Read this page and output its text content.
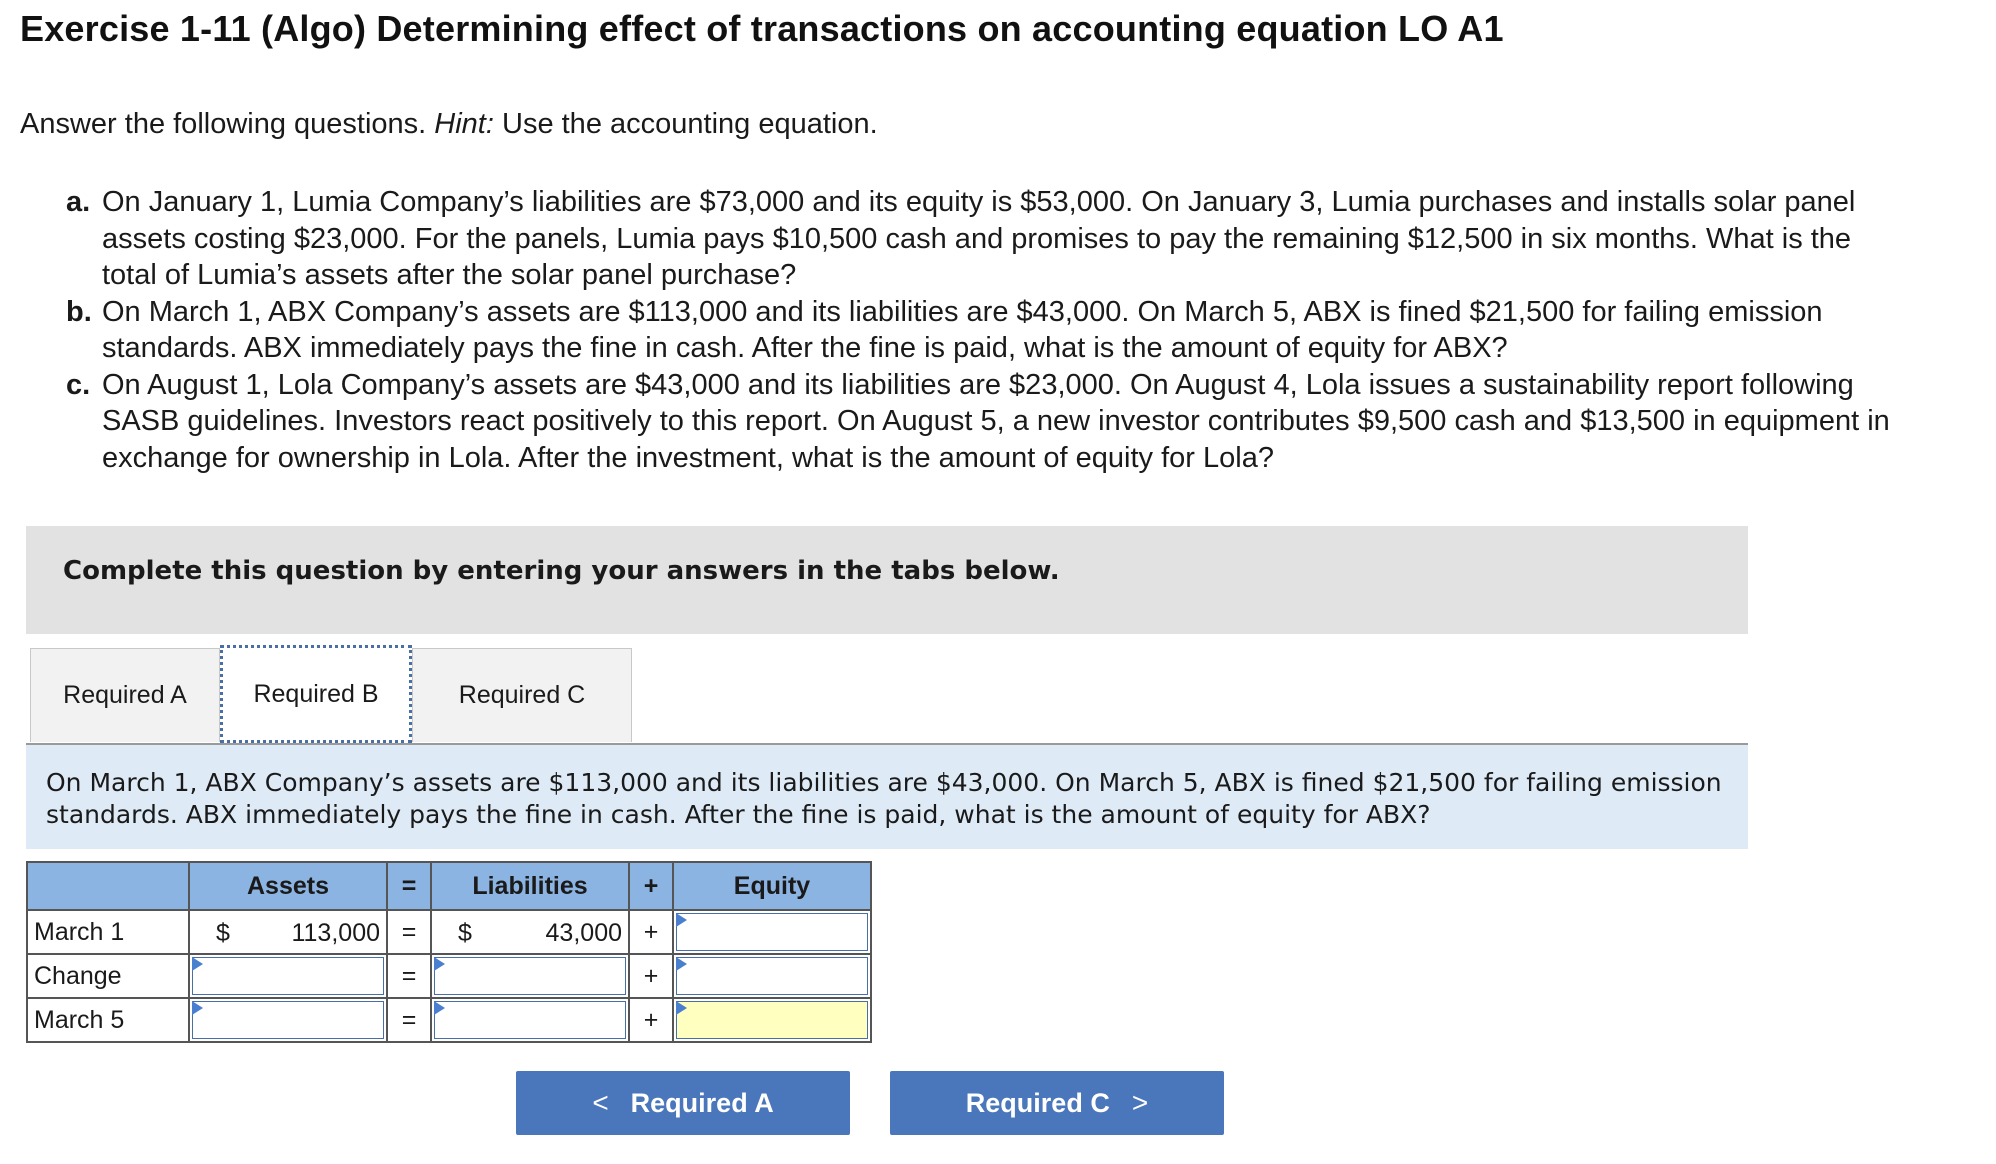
Exercise 1-11 (Algo) Determining effect of transactions on accounting equation LO A1

Answer the following questions. Hint: Use the accounting equation.

a. On January 1, Lumia Company’s liabilities are $73,000 and its equity is $53,000. On January 3, Lumia purchases and installs solar panel assets costing $23,000. For the panels, Lumia pays $10,500 cash and promises to pay the remaining $12,500 in six months. What is the total of Lumia’s assets after the solar panel purchase?
b. On March 1, ABX Company’s assets are $113,000 and its liabilities are $43,000. On March 5, ABX is fined $21,500 for failing emission standards. ABX immediately pays the fine in cash. After the fine is paid, what is the amount of equity for ABX?
c. On August 1, Lola Company’s assets are $43,000 and its liabilities are $23,000. On August 4, Lola issues a sustainability report following SASB guidelines. Investors react positively to this report. On August 5, a new investor contributes $9,500 cash and $13,500 in equipment in exchange for ownership in Lola. After the investment, what is the amount of equity for Lola?

Complete this question by entering your answers in the tabs below.

Required A	Required B	Required C
On March 1, ABX Company’s assets are $113,000 and its liabilities are $43,000. On March 5, ABX is fined $21,500 for failing emission standards. ABX immediately pays the fine in cash. After the fine is paid, what is the amount of equity for ABX?
	Assets	=	Liabilities	+	Equity
March 1	$ 113,000	=	$ 43,000	+	

Change		=		+	

March 5		=		+	
< Required A	Required C >
